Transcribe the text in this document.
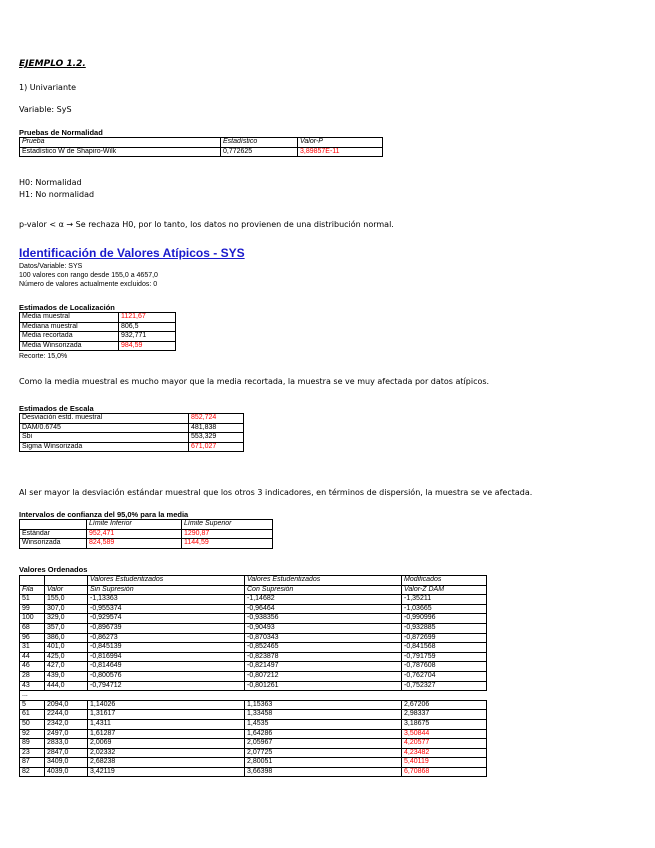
EJEMPLO 1.2.
1) Univariante
Variable: SyS
Pruebas de Normalidad
Prueba	Estadístico	Valor-P
Estadístico W de Shapiro-Wilk	0,772625	3,89857E-11
H0: Normalidad
H1: No normalidad
p-valor < α → Se rechaza H0, por lo tanto, los datos no provienen de una distribución normal.
Identificación de Valores Atípicos - SYS
Datos/Variable: SYS
100 valores con rango desde 155,0 a 4657,0
Número de valores actualmente excluidos: 0
Estimados de Localización
Media muestral	1121,67
Mediana muestral	806,5
Media recortada	932,771
Media Winsorizada	984,59
Recorte: 15,0%
Como la media muestral es mucho mayor que la media recortada, la muestra se ve muy afectada por datos atípicos.
Estimados de Escala
Desviación estd. muestral	852,724
DAM/0.6745	481,838
Sbi	553,329
Sigma Winsorizada	671,027
Al ser mayor la desviación estándar muestral que los otros 3 indicadores, en términos de dispersión, la muestra se ve afectada.
Intervalos de confianza del 95,0% para la media
	Límite Inferior	Límite Superior
Estándar	952,471	1290,87
Winsorizada	824,589	1144,59
Valores Ordenados
		Valores Estudentizados	Valores Estudentizados	Modificados
Fila	Valor	Sin Supresión	Con Supresión	Valor-Z DAM
51	155,0	-1,13363	-1,14682	-1,35211
99	307,0	-0,955374	-0,96464	-1,03665
100	329,0	-0,929574	-0,938356	-0,990996
68	357,0	-0,896739	-0,90493	-0,932885
96	386,0	-0,86273	-0,870343	-0,872699
31	401,0	-0,845139	-0,852465	-0,841568
44	425,0	-0,816994	-0,823878	-0,791759
46	427,0	-0,814649	-0,821497	-0,787608
28	439,0	-0,800576	-0,807212	-0,762704
43	444,0	-0,794712	-0,801261	-0,752327
...				
5	2094,0	1,14026	1,15363	2,67206
61	2244,0	1,31617	1,33458	2,98337
50	2342,0	1,4311	1,4535	3,18675
92	2497,0	1,61287	1,64286	3,50844
89	2833,0	2,0069	2,05967	4,20577
23	2847,0	2,02332	2,07725	4,23482
87	3409,0	2,68238	2,80051	5,40119
82	4039,0	3,42119	3,66398	6,70868
